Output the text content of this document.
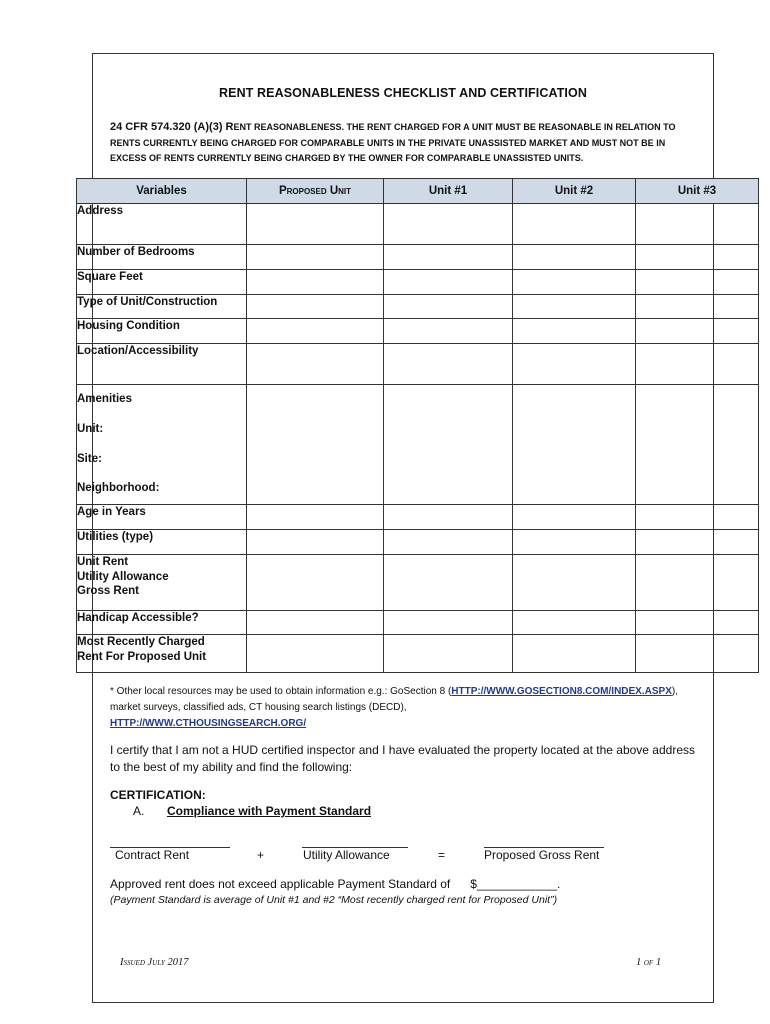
RENT REASONABLENESS CHECKLIST AND CERTIFICATION
24 CFR 574.320 (A)(3) RENT REASONABLENESS. THE RENT CHARGED FOR A UNIT MUST BE REASONABLE IN RELATION TO RENTS CURRENTLY BEING CHARGED FOR COMPARABLE UNITS IN THE PRIVATE UNASSISTED MARKET AND MUST NOT BE IN EXCESS OF RENTS CURRENTLY BEING CHARGED BY THE OWNER FOR COMPARABLE UNASSISTED UNITS.
Variables	Proposed Unit	Unit #1	Unit #2	Unit #3
Address				
Number of Bedrooms				
Square Feet				
Type of Unit/Construction				
Housing Condition				
Location/Accessibility				
Amenities
Unit:
Site:
Neighborhood:				
Age in Years				
Utilities (type)				
Unit Rent
Utility Allowance
Gross Rent				
Handicap Accessible?				
Most Recently Charged
Rent For Proposed Unit				
* Other local resources may be used to obtain information e.g.: GoSection 8 (HTTP://WWW.GOSECTION8.COM/INDEX.ASPX), market surveys, classified ads, CT housing search listings (DECD),
HTTP://WWW.CTHOUSINGSEARCH.ORG/
I certify that I am not a HUD certified inspector and I have evaluated the property located at the above address to the best of my ability and find the following:
CERTIFICATION:
A. Compliance with Payment Standard
Contract Rent	+	Utility Allowance	=	Proposed Gross Rent
Approved rent does not exceed applicable Payment Standard of $____________.
(Payment Standard is average of Unit #1 and #2 “Most recently charged rent for Proposed Unit”)
Issued July 2017	1 of 1
